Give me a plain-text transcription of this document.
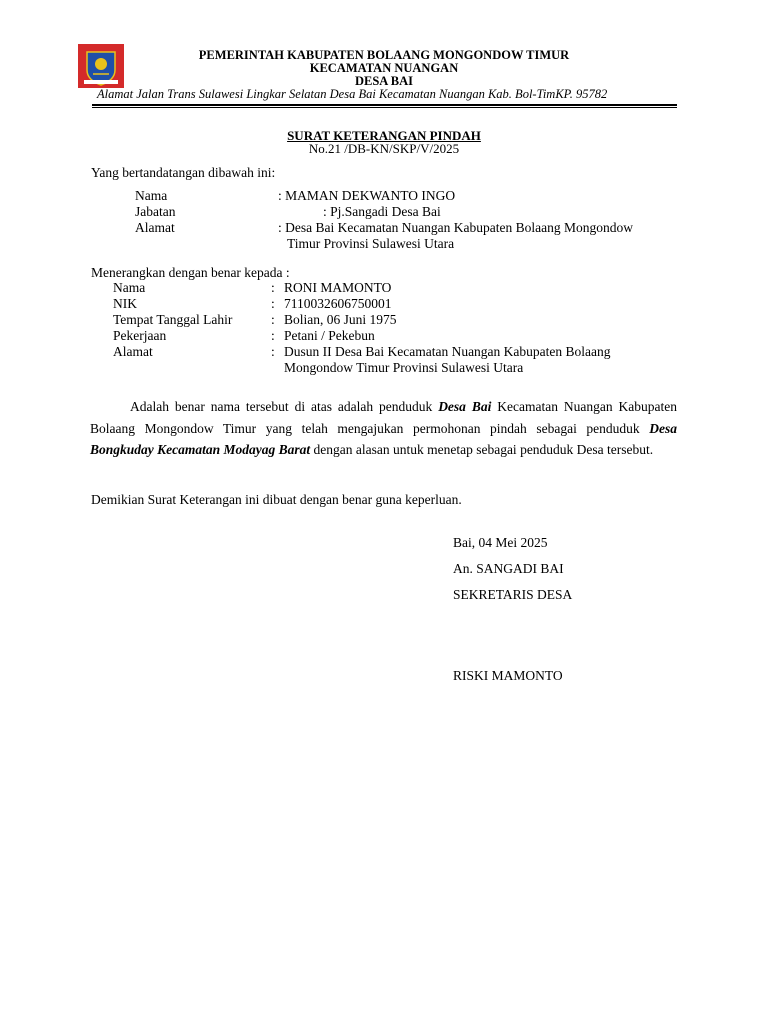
PEMERINTAH KABUPATEN BOLAANG MONGONDOW TIMUR
KECAMATAN NUANGAN
DESA BAI
Alamat Jalan Trans Sulawesi Lingkar Selatan Desa Bai Kecamatan Nuangan Kab. Bol-TimKP. 95782
SURAT KETERANGAN PINDAH
No.21 /DB-KN/SKP/V/2025
Yang bertandatangan dibawah ini:
Nama	: MAMAN DEKWANTO INGO
Jabatan	: Pj.Sangadi Desa Bai
Alamat	: Desa Bai Kecamatan Nuangan Kabupaten Bolaang Mongondow
Timur Provinsi Sulawesi Utara
Menerangkan dengan benar kepada :
Nama	: RONI MAMONTO
NIK	: 7110032606750001
Tempat Tanggal Lahir	: Bolian, 06 Juni 1975
Pekerjaan	: Petani / Pekebun
Alamat	: Dusun II Desa Bai Kecamatan Nuangan Kabupaten Bolaang
Mongondow Timur Provinsi Sulawesi Utara
Adalah benar nama tersebut di atas adalah penduduk Desa Bai Kecamatan Nuangan Kabupaten Bolaang Mongondow Timur yang telah mengajukan permohonan pindah sebagai penduduk Desa Bongkuday Kecamatan Modayag Barat dengan alasan untuk menetap sebagai penduduk Desa tersebut.
Demikian Surat Keterangan ini dibuat dengan benar guna keperluan.
Bai, 04 Mei 2025
An. SANGADI BAI
SEKRETARIS DESA
RISKI MAMONTO
